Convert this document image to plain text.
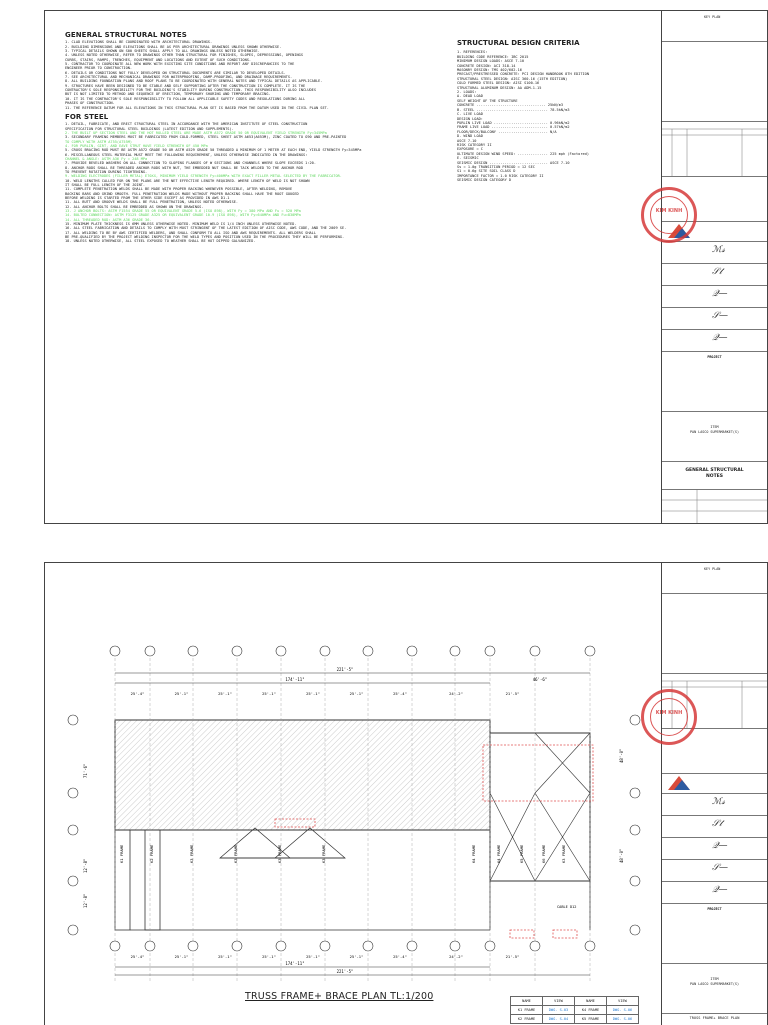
GENERAL STRUCTURAL NOTES

1. CLAD ELEVATIONS SHALL BE COORDINATED WITH ARCHITECTURAL DRAWINGS.

2. BUILDING DIMENSIONS AND ELEVATIONS SHALL BE AS PER ARCHITECTURAL DRAWINGS UNLESS SHOWN OTHERWISE.

3. TYPICAL DETAILS SHOWN ON S00 SHEETS SHALL APPLY TO ALL DRAWINGS UNLESS NOTED OTHERWISE.

4. UNLESS NOTED OTHERWISE, REFER TO DRAWINGS OTHER THAN STRUCTURAL FOR FINISHES, SLOPES, DEPRESSIONS, OPENINGS

CURBS, STAIRS, RAMPS, TRENCHES, EQUIPMENT AND LOCATIONS AND EXTENT OF SUCH CONDITIONS.

5. CONTRACTOR TO COORDINATE ALL NEW WORK WITH EXISTING SITE CONDITIONS AND REPORT ANY DISCREPANCIES TO THE

ENGINEER PRIOR TO CONSTRUCTION.

6. DETAILS OR CONDITIONS NOT FULLY DEVELOPED ON STRUCTURAL DOCUMENTS ARE SIMILAR TO DEVELOPED DETAILS.

7. SEE ARCHITECTURAL AND MECHANICAL DRAWINGS FOR WATERPROOFING, DAMP-PROOFING, AND DRAINAGE REQUIREMENTS.

8. ALL BUILDING FOUNDATION PLANS AND ROOF PLANS TO BE COORDINATED WITH GENERAL NOTES AND TYPICAL DETAILS AS APPLICABLE.

9. STRUCTURES HAVE BEEN DESIGNED TO BE STABLE AND SELF SUPPORTING AFTER THE CONSTRUCTION IS COMPLETE. IT IS THE

CONTRACTOR'S SOLE RESPONSIBILITY FOR THE BUILDING'S STABILITY DURING CONSTRUCTION. THIS RESPONSIBILITY ALSO INCLUDES

BUT IS NOT LIMITED TO METHOD AND SEQUENCE OF ERECTION, TEMPORARY SHORING AND TEMPORARY BRACING.

10. IT IS THE CONTRACTOR'S SOLE RESPONSIBILITY TO FOLLOW ALL APPLICABLE SAFETY CODES AND REGULATIONS DURING ALL

PHASES OF CONSTRUCTION.

11. THE REFERENCE DATUM FOR ALL ELEVATIONS IN THIS STRUCTURAL PLAN SET IS BASED FROM THE DATUM USED IN THE CIVIL PLAN SET.

FOR STEEL

1. DETAIL, FABRICATE, AND ERECT STRUCTURAL STEEL IN ACCORDANCE WITH THE AMERICAN INSTITUTE OF STEEL CONSTRUCTION

SPECIFICATION FOR STRUCTURAL STEEL BUILDINGS (LATEST EDITION AND SUPPLEMENTS).

2. THE BUILT UP SECTION STEEL AND THE HOT ROLLED STEEL ARE MADE ASTM A572 GRADE 50 OR EQUIVALENT YIELD STRENGTH Fy=345MPa

3. SECONDARY FRAMING MEMBERS MUST BE FABRICATED FROM COLD-FORMED, STEEL SHEET ASTM A653(A653M), ZINC COATED TO G90 AND PRE-PAINTED

TO COMPLY WITH ASTM A755(A755M)

4. FOR PURLIN, GIRT, AND EAVE STRUT HAVE YIELD STRENGTH OF 450 MPa

5. CROSS BRACING ROD MUST BE ASTM A572 GRADE 50 OR ASTM A529 GRADE 50 THREADED A MINIMUM OF 1 METER AT EACH END, YIELD STRENGTH Fy=345MPa

6. MISCELLANEOUS STEEL MATERIAL MUST MEET THE FOLLOWING REQUIREMENT, UNLESS OTHERWISE INDICATED IN THE DRAWINGS:

CHANNEL & ANGLE: ASTM A36 Fy = 248 MPa

7. PROVIDE BEVELED WASHERS ON ALL CONNECTION TO SLOPING FLANGES OF W SECTIONS AND CHANNELS WHERE SLOPE EXCEEDS 1:20.

8. ANCHOR RODS SHALL BE THREADED ANCHOR RODS WITH NUT, THE EMBEDDED NUT SHALL BE TACK WELDED TO THE ANCHOR ROD

TO PREVENT ROTATION DURING TIGHTENING.

9. WELDING ELECTRODES (FILLER METAL) E70XX, MINIMUM YIELD STRENGTH Fy=400MPa WITH EXACT FILLER METAL SELECTED BY THE FABRICATOR.

10. WELD LENGTHS CALLED FOR ON THE PLANS ARE THE NET EFFECTIVE LENGTH REQUIRED. WHERE LENGTH OF WELD IS NOT SHOWN

IT SHALL BE FULL LENGTH OF THE JOINT.

11. COMPLETE PENETRATION WELDS SHALL BE MADE WITH PROPER BACKING WHENEVER POSSIBLE, AFTER WELDING, REMOVE

BACKING BARS AND GRIND SMOOTH. FULL PENETRATION WELDS MADE WITHOUT PROPER BACKING SHALL HAVE THE ROOT GOUGED

BEFORE WELDING IS STARTED FROM THE OTHER SIDE EXCEPT AS PROVIDED IN AWS D1.1

11. ALL BUTT AND GROOVE WELDS SHALL BE FULL PENETRATION, UNLESS NOTED OTHERWISE.

12. ALL ANCHOR BOLTS SHALL BE EMBEDDED AS SHOWN ON THE DRAWINGS.

13. J ANCHOR BOLTS: ASTM F1554 GRADE 55 OR EQUIVALENT GRADE 5.6 (ISO 898), WITH Fy = 380 MPa AND Fu = 520 MPa

14. BOLTED CONNECTION: ASTM F3125 GRADE A325 OR EQUIVALENT GRADE 10.9 (ISO 898), WITH Fy=640MPa AND Fu=830MPa

14. ALL THREADED ROD: ASTM A36 GRADE 36.

15. MINIMUM PLATE THICKNESS IS 6MM UNLESS OTHERWISE NOTED. MINIMUM WELD IS 1/4 INCH UNLESS OTHERWISE NOTED.

16. ALL STEEL FABRICATION AND DETAILS TO COMPLY WITH MOST STRINGENT OF THE LATEST EDITION OF AISC CODE, AWS CODE, AND THE 2009 SE.

17. ALL WELDING TO BE BY AWS CERTIFIED WELDERS, AND SHALL CONFORM TO ALL ISO AND AWS REQUIREMENTS. ALL WELDERS SHALL

BE PRE-QUALIFIED BY THE PROJECT WELDING INSPECTOR FOR THE WELD TYPES AND POSITION USED IN THE PROCEDURES THEY WILL BE PERFORMING.

18. UNLESS NOTED OTHERWISE, ALL STEEL EXPOSED TO WEATHER SHALL BE HOT DIPPED GALVANIZED.

STRUCTURAL DESIGN CRITERIA

1. REFERENCES:

BUILDING CODE REFERENCE: IBC 2015

MINIMUM DESIGN LOADS: ASCE 7-10

CONCRETE DESIGN: ACI 318-14

MASONRY DESIGN: TMS 402/602-16

PRECAST/PRESTRESSED CONCRETE: PCI DESIGN HANDBOOK 8TH EDITION

STRUCTURAL STEEL DESIGN: AISC 360-16 (15TH EDITION)

COLD FORMED STEEL DESIGN: AISI S100-16

STRUCTURAL ALUMINUM DESIGN: AA ADM-1-15

2. LOADS:

A. DEAD LOAD

SELF WEIGHT OF THE STRUCTURE

CONCRETE ................................ 25kN/m3

B. STEEL ................................. 78.5kN/m3

C. LIVE LOAD

DESIGN LOAD:

PURLIN LIVE LOAD ......................... 0.96kN/m2

FRAME LIVE LOAD .......................... 0.57kN/m2

FLOOR/DECK/BALCONY ....................... N/A

D. WIND LOAD

ASCE 7-10

RISK CATEGORY II

EXPOSURE = C

ULTIMATE DESIGN WIND SPEED: .............. 225 mph (Factored)

E. SEISMIC

SEISMIC DESIGN ........................... ASCE 7-10

Ss = 1.0g TRANSITION PERIOD = 12 SEC

S1 = 0.6g SITE SOIL CLASS D

IMPORTANCE FACTOR = 1.0 RISK CATEGORY II

SEISMIC DESIGN CATEGORY D

KEY PLAN
ℳ𝓈
𝒮𝓉
𝒬—
𝒮—
𝒬—
PROJECT
ITEM
PAN LASCO SUPERMARKET(S)
GENERAL STRUCTURAL
NOTES
KIM KINH
25'-4"	25'-1"	25'-1"	25'-1"	25'-1"	25'-1"	25'-4"	24'-2"	21'-5"
25'-4"	25'-1"	25'-1"	25'-1"	25'-1"	25'-1"	25'-4"	24'-2"	21'-5"
K1 FRAME	K2 FRAME	K3 FRAME	K3 FRAME	K3 FRAME	K3 FRAME	K4 FRAME	K4 FRAME	K5 FRAME	K6 FRAME	K3 FRAME
221'-5"
174'-11"	46'-6"
174'-11"
221'-5"
71'-6"
12'-8"
12'-8"
48'-0"
48'-0"
CABLE D12
TRUSS FRAME+ BRACE PLAN TL:1/200	NAME	VIEW	NAME	VIEW
K1 FRAME	DWG. S-03	K4 FRAME	DWG. S-06
K2 FRAME	DWG. S-04	K5 FRAME	DWG. S-06
KEY PLAN
ℳ𝓈
𝒮𝓉
𝒬—
𝒮—
𝒬—
PROJECT
ITEM
PAN LASCO SUPERMARKET(S)
TRUSS FRAME+ BRACE PLAN
KIM KINH
